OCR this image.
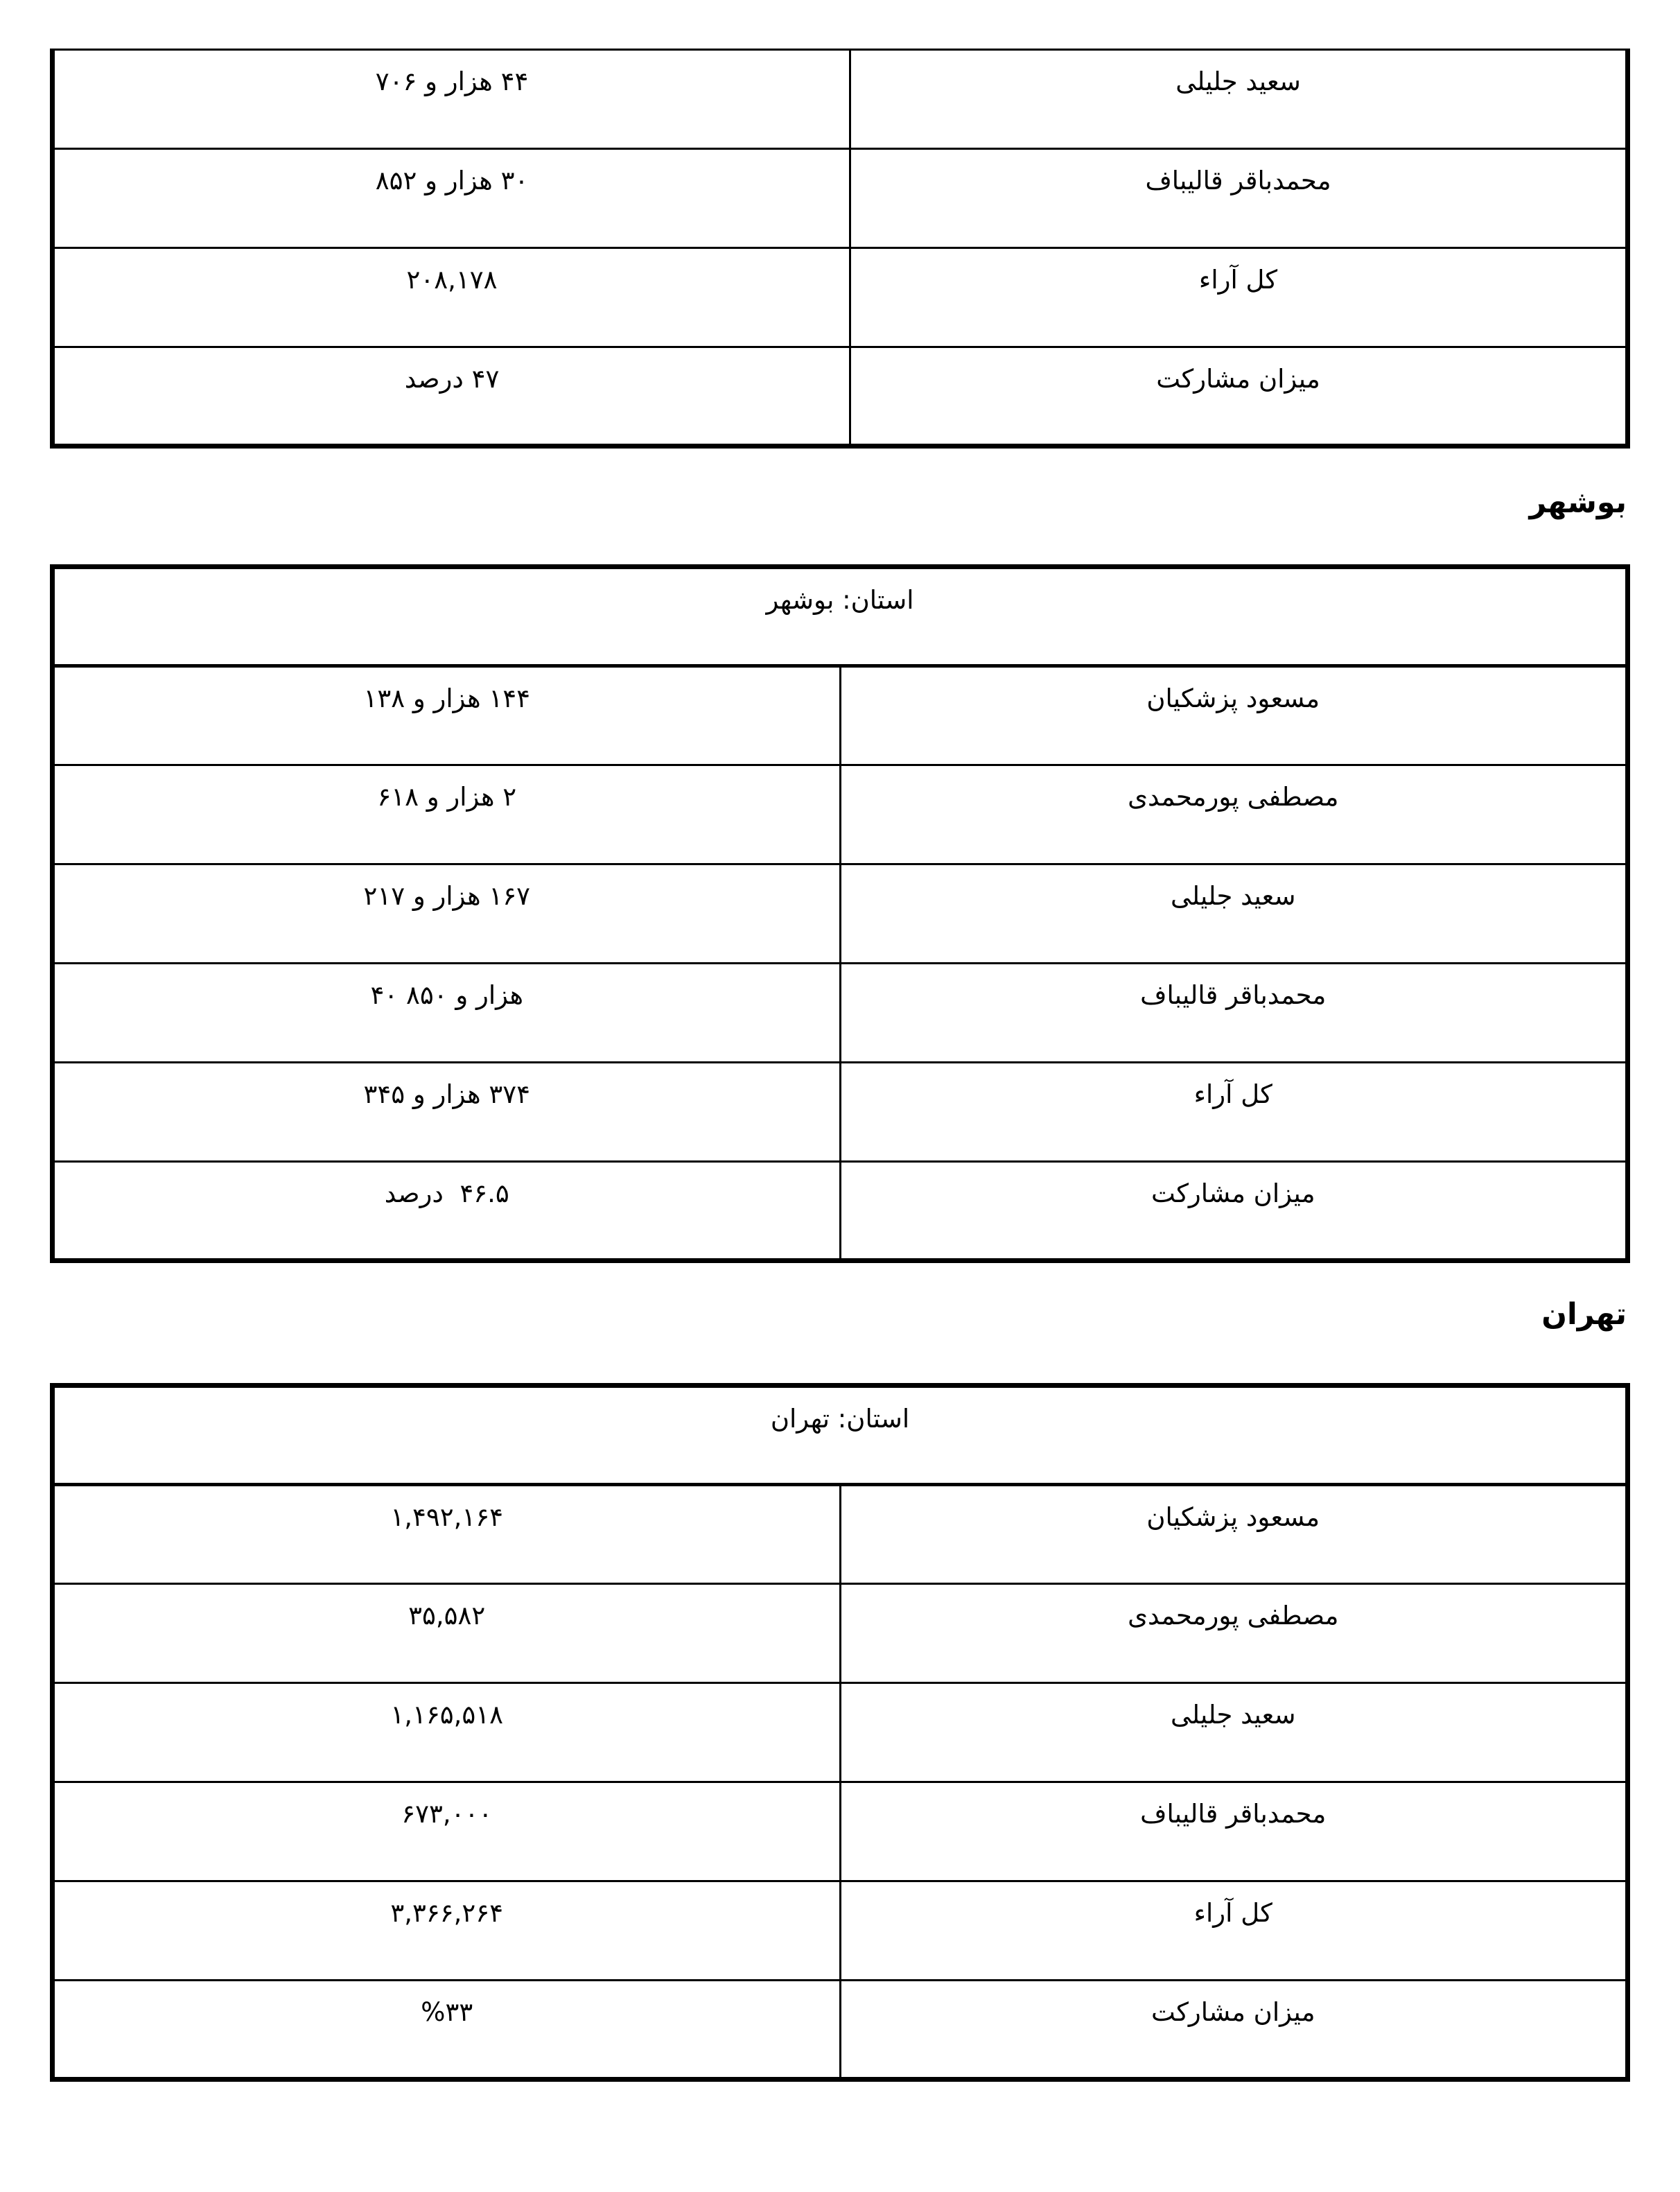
سعید جلیلی	۴۴ هزار و ۷۰۶
محمدباقر قالیباف	۳۰ هزار و ۸۵۲
کل آراء	۲۰۸,۱۷۸
میزان مشارکت	۴۷ درصد
بوشهر
استان: بوشهر	
مسعود پزشکیان	۱۴۴ هزار و ۱۳۸
مصطفی پورمحمدی	۲ هزار و ۶۱۸
سعید جلیلی	۱۶۷ هزار و ۲۱۷
محمدباقر قالیباف	هزار و ۸۵۰ ۴۰
کل آراء	۳۷۴ هزار و ۳۴۵
میزان مشارکت	۴۶.۵  درصد
تهران
استان: تهران	
مسعود پزشکیان	۱,۴۹۲,۱۶۴
مصطفی پورمحمدی	۳۵,۵۸۲
سعید جلیلی	۱,۱۶۵,۵۱۸
محمدباقر قالیباف	۶۷۳,۰۰۰
کل آراء	۳,۳۶۶,۲۶۴
میزان مشارکت	%۳۳
